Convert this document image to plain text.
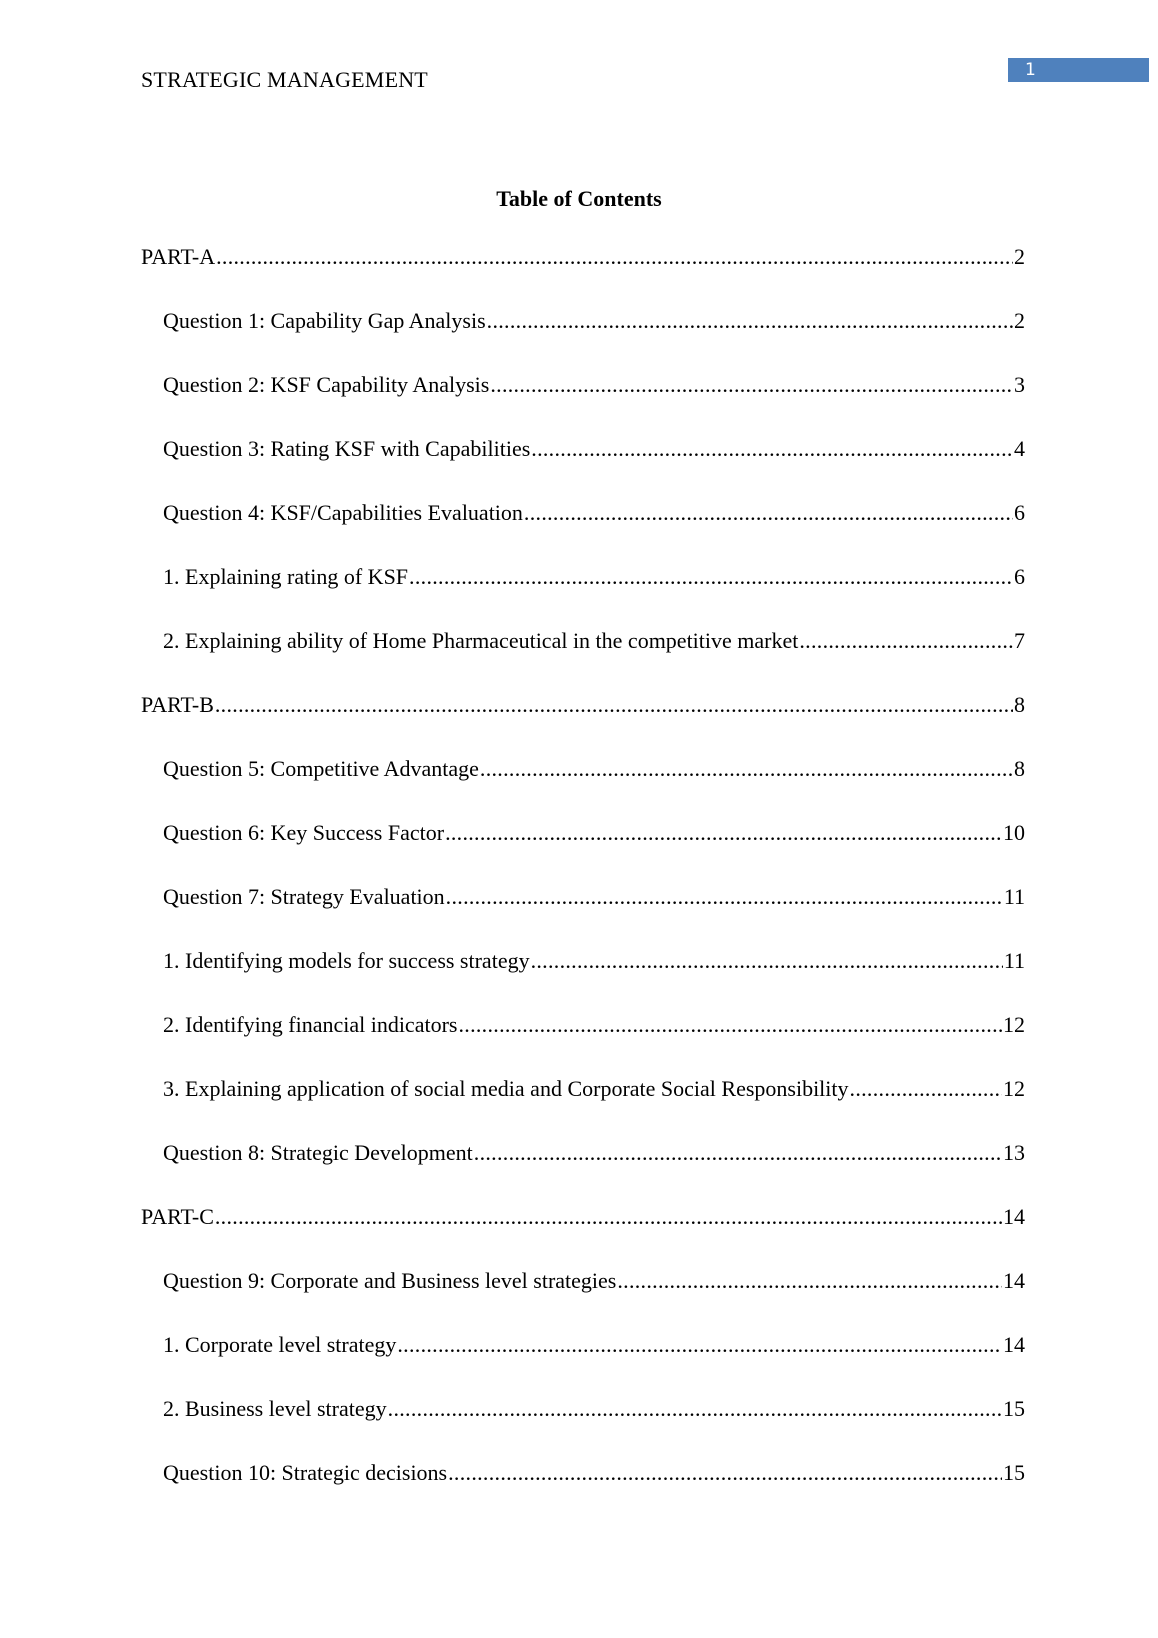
STRATEGIC MANAGEMENT	1
Table of Contents
PART-A .....	2
Question 1: Capability Gap Analysis .....	2
Question 2: KSF Capability Analysis .....	3
Question 3: Rating KSF with Capabilities .....	4
Question 4: KSF/Capabilities Evaluation .....	6
1. Explaining rating of KSF .....	6
2. Explaining ability of Home Pharmaceutical in the competitive market .....	7
PART-B .....	8
Question 5: Competitive Advantage .....	8
Question 6: Key Success Factor .....	10
Question 7: Strategy Evaluation .....	11
1. Identifying models for success strategy .....	11
2. Identifying financial indicators .....	12
3. Explaining application of social media and Corporate Social Responsibility .....	12
Question 8: Strategic Development .....	13
PART-C .....	14
Question 9: Corporate and Business level strategies .....	14
1. Corporate level strategy .....	14
2. Business level strategy .....	15
Question 10: Strategic decisions .....	15
